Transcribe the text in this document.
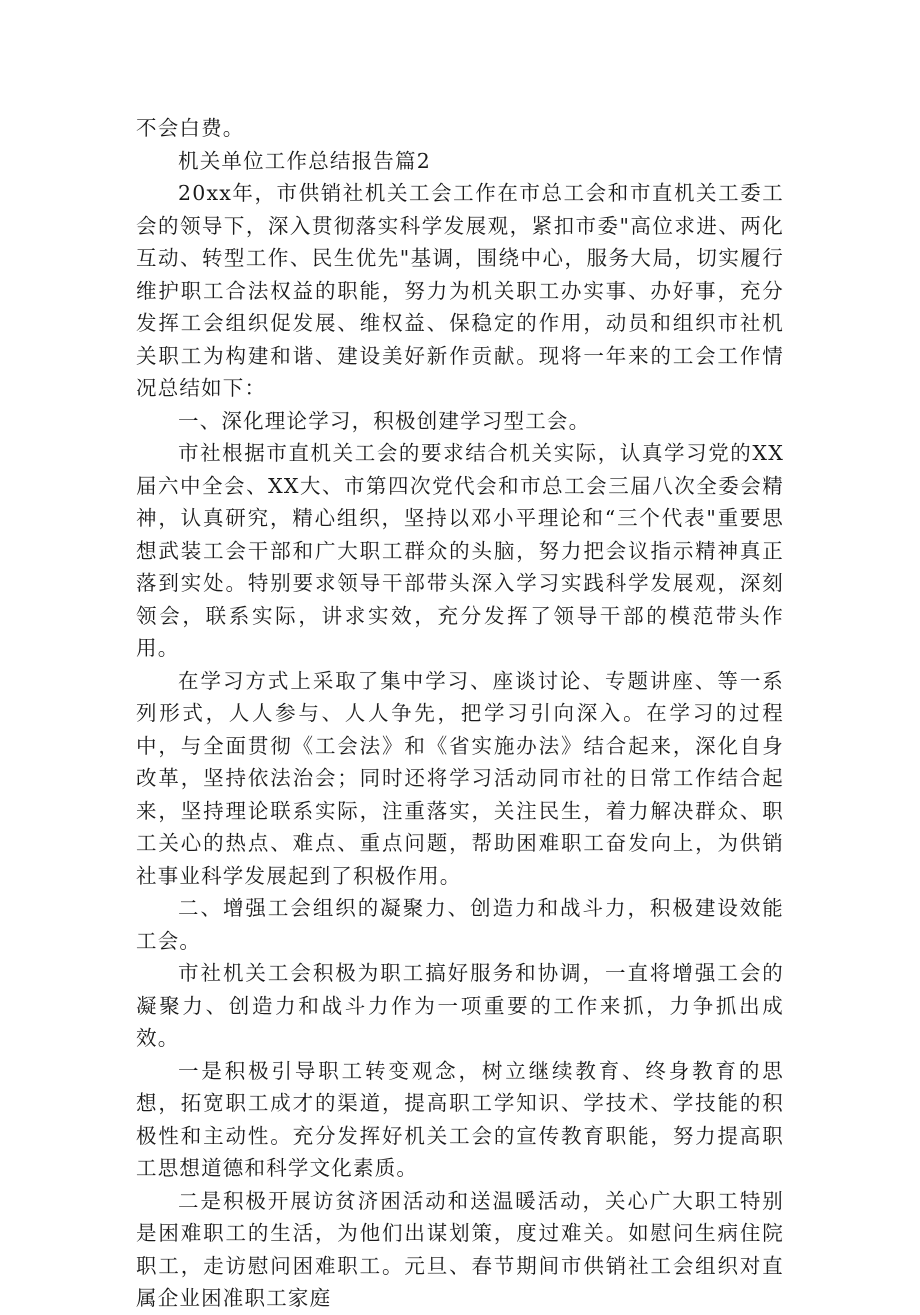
不会白费。

机关单位工作总结报告篇2

20xx年，市供销社机关工会工作在市总工会和市直机关工委工会的领导下，深入贯彻落实科学发展观，紧扣市委"高位求进、两化互动、转型工作、民生优先"基调，围绕中心，服务大局，切实履行维护职工合法权益的职能，努力为机关职工办实事、办好事，充分发挥工会组织促发展、维权益、保稳定的作用，动员和组织市社机关职工为构建和谐、建设美好新作贡献。现将一年来的工会工作情况总结如下：

一、深化理论学习，积极创建学习型工会。

市社根据市直机关工会的要求结合机关实际，认真学习党的XX届六中全会、XX大、市第四次党代会和市总工会三届八次全委会精神，认真研究，精心组织，坚持以邓小平理论和“三个代表"重要思想武装工会干部和广大职工群众的头脑，努力把会议指示精神真正落到实处。特别要求领导干部带头深入学习实践科学发展观，深刻领会，联系实际，讲求实效，充分发挥了领导干部的模范带头作用。

在学习方式上采取了集中学习、座谈讨论、专题讲座、等一系列形式，人人参与、人人争先，把学习引向深入。在学习的过程中，与全面贯彻《工会法》和《省实施办法》结合起来，深化自身改革，坚持依法治会；同时还将学习活动同市社的日常工作结合起来，坚持理论联系实际，注重落实，关注民生，着力解决群众、职工关心的热点、难点、重点问题，帮助困难职工奋发向上，为供销社事业科学发展起到了积极作用。

二、增强工会组织的凝聚力、创造力和战斗力，积极建设效能工会。

市社机关工会积极为职工搞好服务和协调，一直将增强工会的凝聚力、创造力和战斗力作为一项重要的工作来抓，力争抓出成效。

一是积极引导职工转变观念，树立继续教育、终身教育的思想，拓宽职工成才的渠道，提高职工学知识、学技术、学技能的积极性和主动性。充分发挥好机关工会的宣传教育职能，努力提高职工思想道德和科学文化素质。

二是积极开展访贫济困活动和送温暖活动，关心广大职工特别是困难职工的生活，为他们出谋划策，度过难关。如慰问生病住院职工，走访慰问困难职工。元旦、春节期间市供销社工会组织对直属企业困准职工家庭
